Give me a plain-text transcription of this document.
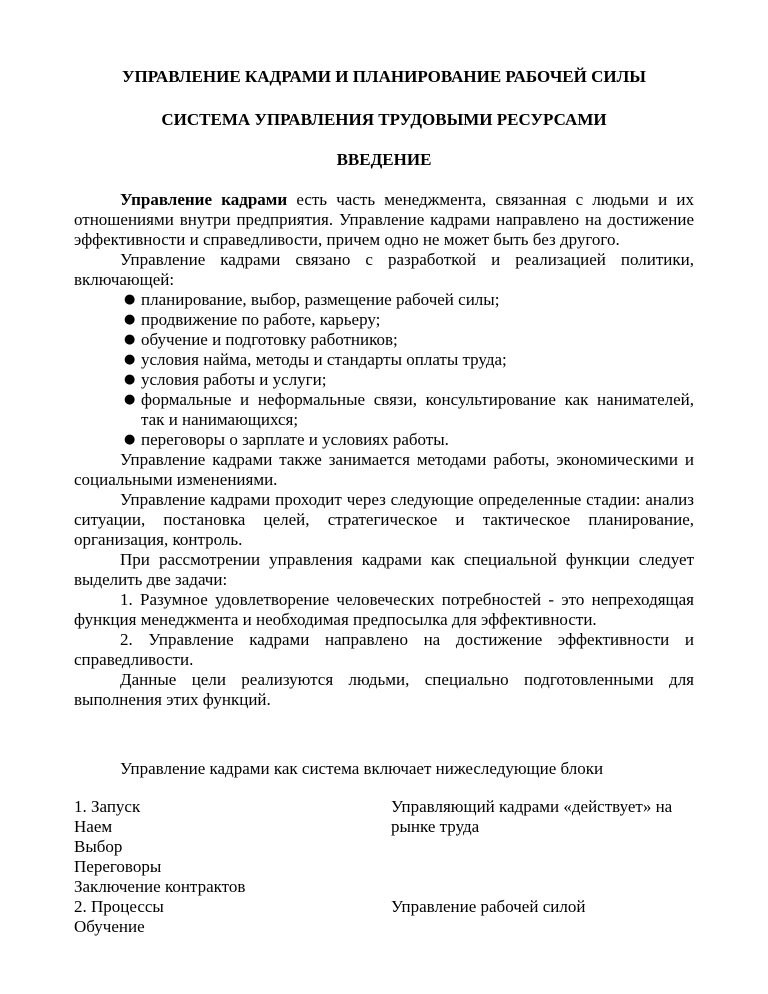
УПРАВЛЕНИЕ КАДРАМИ И ПЛАНИРОВАНИЕ РАБОЧЕЙ СИЛЫ
СИСТЕМА УПРАВЛЕНИЯ ТРУДОВЫМИ РЕСУРСАМИ
ВВЕДЕНИЕ

Управление кадрами есть часть менеджмента, связанная с людьми и их отношениями внутри предприятия. Управление кадрами направлено на достижение эффективности и справедливости, причем одно не может быть без другого.

Управление кадрами связано с разработкой и реализацией политики, включающей:

● планирование, выбор, размещение рабочей силы;
● продвижение по работе, карьеру;
● обучение и подготовку работников;
● условия найма, методы и стандарты оплаты труда;
● условия работы и услуги;
● формальные и неформальные связи, консультирование как нанимателей, так и нанимающихся;
● переговоры о зарплате и условиях работы.

Управление кадрами также занимается методами работы, экономическими и социальными изменениями.

Управление кадрами проходит через следующие определенные стадии: анализ ситуации, постановка целей, стратегическое и тактическое планирование, организация, контроль.

При рассмотрении управления кадрами как специальной функции следует выделить две задачи:

1. Разумное удовлетворение человеческих потребностей - это непреходящая функция менеджмента и необходимая предпосылка для эффективности.

2. Управление кадрами направлено на достижение эффективности и справедливости.

Данные цели реализуются людьми, специально подготовленными для выполнения этих функций.

Управление кадрами как система включает нижеследующие блоки

1. Запуск
Наем
Выбор
Переговоры
Заключение контрактов
2. Процессы
Обучение
Управляющий кадрами «действует» на
рынке труда
Управление рабочей силой
